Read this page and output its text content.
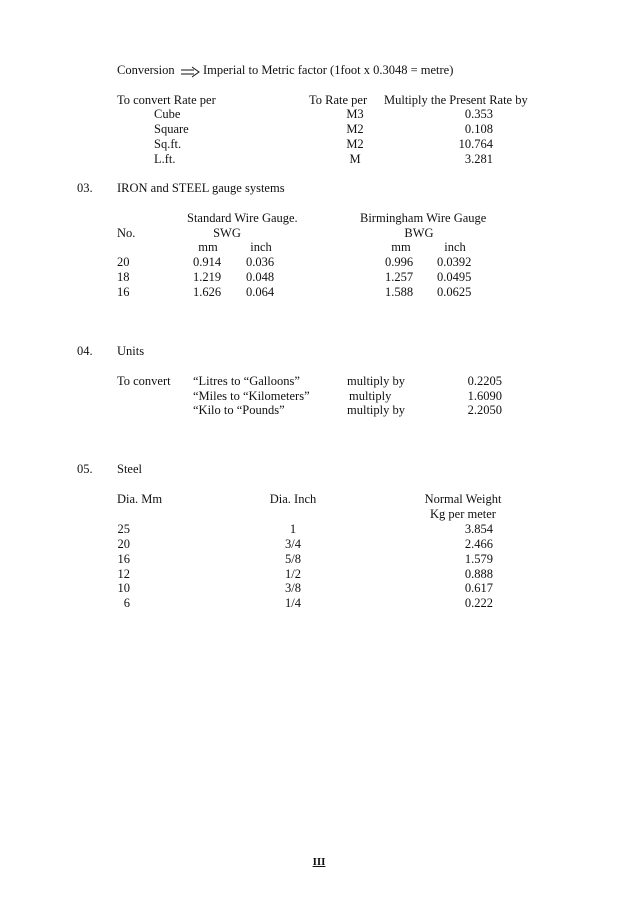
Conversion Imperial to Metric factor (1foot x 0.3048 = metre)
To convert Rate per	To Rate per Multiply the Present Rate by
Cube	M3	0.353
Square	M2	0.108
Sq.ft.	M2	10.764
L.ft.	M	3.281
03. IRON and STEEL gauge systems
Standard Wire Gauge.	Birmingham Wire Gauge
No.	SWG	BWG
mm	inch	mm	inch
20	0.914 0.036	0.996 0.0392
18	1.219 0.048	1.257 0.0495
16	1.626 0.064	1.588 0.0625
04. Units
To convert “Litres to “Galloons”	multiply by	0.2205
“Miles to “Kilometers”	multiply	1.6090
“Kilo to “Pounds”	multiply by	2.2050
05. Steel
Dia. Mm	Dia. Inch	Normal Weight
Kg per meter
25	1	3.854
20	3/4	2.466
16	5/8	1.579
12	1/2	0.888
10	3/8	0.617
6	1/4	0.222
III
